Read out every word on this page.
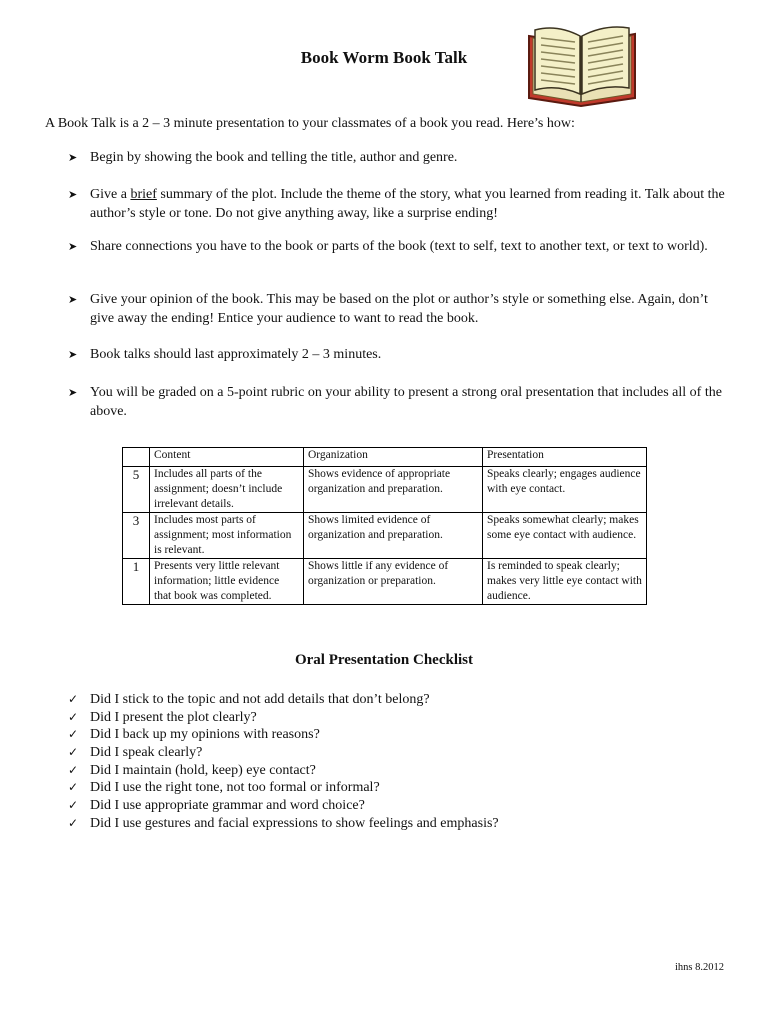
Book Worm Book Talk
A Book Talk is a 2 – 3 minute presentation to your classmates of a book you read. Here’s how:
➤ Begin by showing the book and telling the title, author and genre.
➤ Give a brief summary of the plot. Include the theme of the story, what you learned from reading it. Talk about the author’s style or tone. Do not give anything away, like a surprise ending!
➤ Share connections you have to the book or parts of the book (text to self, text to another text, or text to world).
➤ Give your opinion of the book. This may be based on the plot or author’s style or something else. Again, don’t give away the ending! Entice your audience to want to read the book.
➤ Book talks should last approximately 2 – 3 minutes.
➤ You will be graded on a 5-point rubric on your ability to present a strong oral presentation that includes all of the above.
	Content	Organization	Presentation
5	Includes all parts of the assignment; doesn’t include irrelevant details.	Shows evidence of appropriate organization and preparation.	Speaks clearly; engages audience with eye contact.
3	Includes most parts of assignment; most information is relevant.	Shows limited evidence of organization and preparation.	Speaks somewhat clearly; makes some eye contact with audience.
1	Presents very little relevant information; little evidence that book was completed.	Shows little if any evidence of organization or preparation.	Is reminded to speak clearly; makes very little eye contact with audience.
Oral Presentation Checklist
✓ Did I stick to the topic and not add details that don’t belong?
✓ Did I present the plot clearly?
✓ Did I back up my opinions with reasons?
✓ Did I speak clearly?
✓ Did I maintain (hold, keep) eye contact?
✓ Did I use the right tone, not too formal or informal?
✓ Did I use appropriate grammar and word choice?
✓ Did I use gestures and facial expressions to show feelings and emphasis?
ihns 8.2012
